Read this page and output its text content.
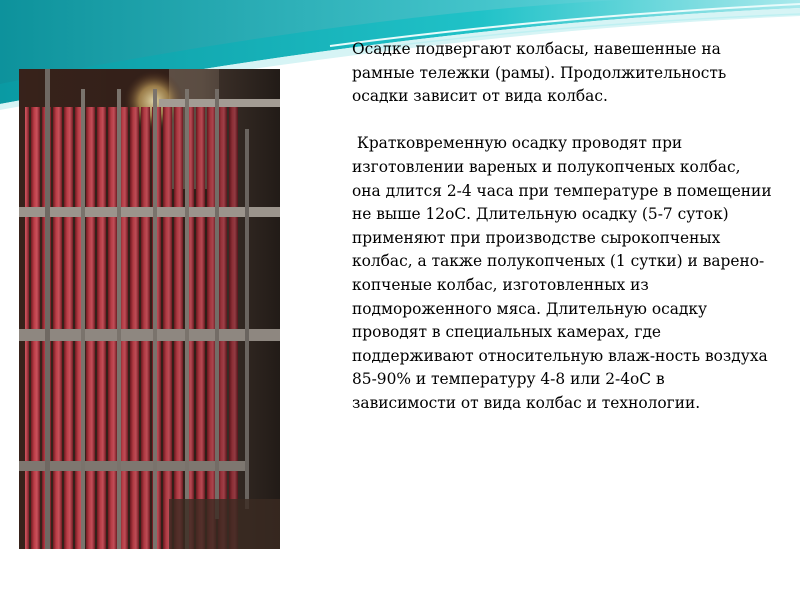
Осадке подвергают колбасы, навешенные на рамные тележки (рамы). Продолжительность осадки зависит от вида колбас.

Кратковременную осадку проводят при изготовлении вареных и полукопченых колбас, она длится 2-4 часа при температуре в помещении не выше 12оС. Длительную осадку (5-7 суток) применяют при производстве сырокопченых колбас, а также полукопченых (1 сутки) и варено-копченые колбас, изготовленных из подмороженного мяса. Длительную осадку проводят в специальных камерах, где поддерживают относительную влаж-ность воздуха 85-90% и температуру 4-8 или 2-4оС в зависимости от вида колбас и технологии.
